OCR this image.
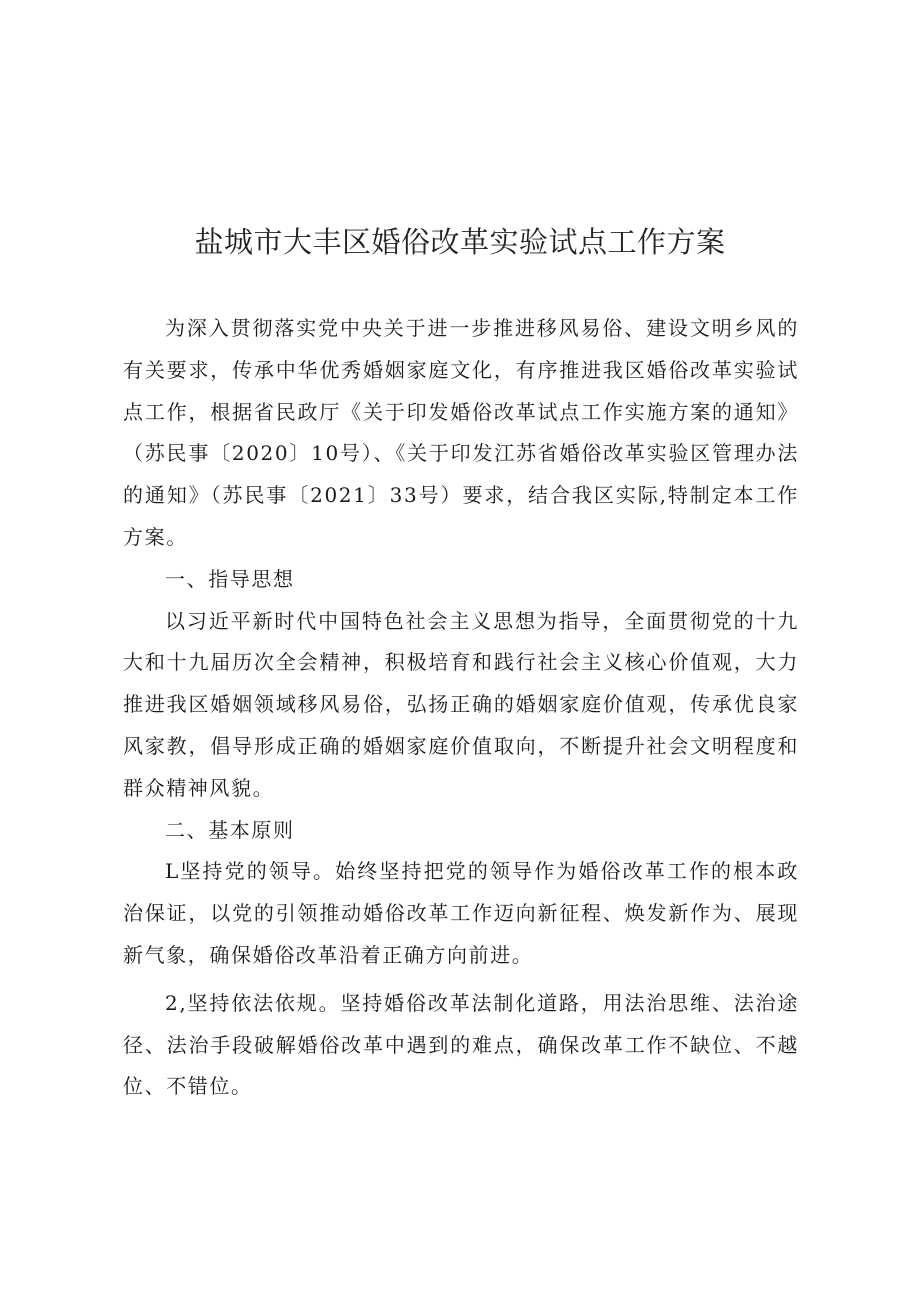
盐城市大丰区婚俗改革实验试点工作方案

为深入贯彻落实党中央关于进一步推进移风易俗、建设文明乡风的有关要求，传承中华优秀婚姻家庭文化，有序推进我区婚俗改革实验试点工作，根据省民政厅《关于印发婚俗改革试点工作实施方案的通知》（苏民事〔2020〕10号）、《关于印发江苏省婚俗改革实验区管理办法的通知》（苏民事〔2021〕33号）要求，结合我区实际,特制定本工作方案。

一、指导思想

以习近平新时代中国特色社会主义思想为指导，全面贯彻党的十九大和十九届历次全会精神，积极培育和践行社会主义核心价值观，大力推进我区婚姻领域移风易俗，弘扬正确的婚姻家庭价值观，传承优良家风家教，倡导形成正确的婚姻家庭价值取向，不断提升社会文明程度和群众精神风貌。

二、基本原则

L坚持党的领导。始终坚持把党的领导作为婚俗改革工作的根本政治保证，以党的引领推动婚俗改革工作迈向新征程、焕发新作为、展现新气象，确保婚俗改革沿着正确方向前进。

2,坚持依法依规。坚持婚俗改革法制化道路，用法治思维、法治途径、法治手段破解婚俗改革中遇到的难点，确保改革工作不缺位、不越位、不错位。
